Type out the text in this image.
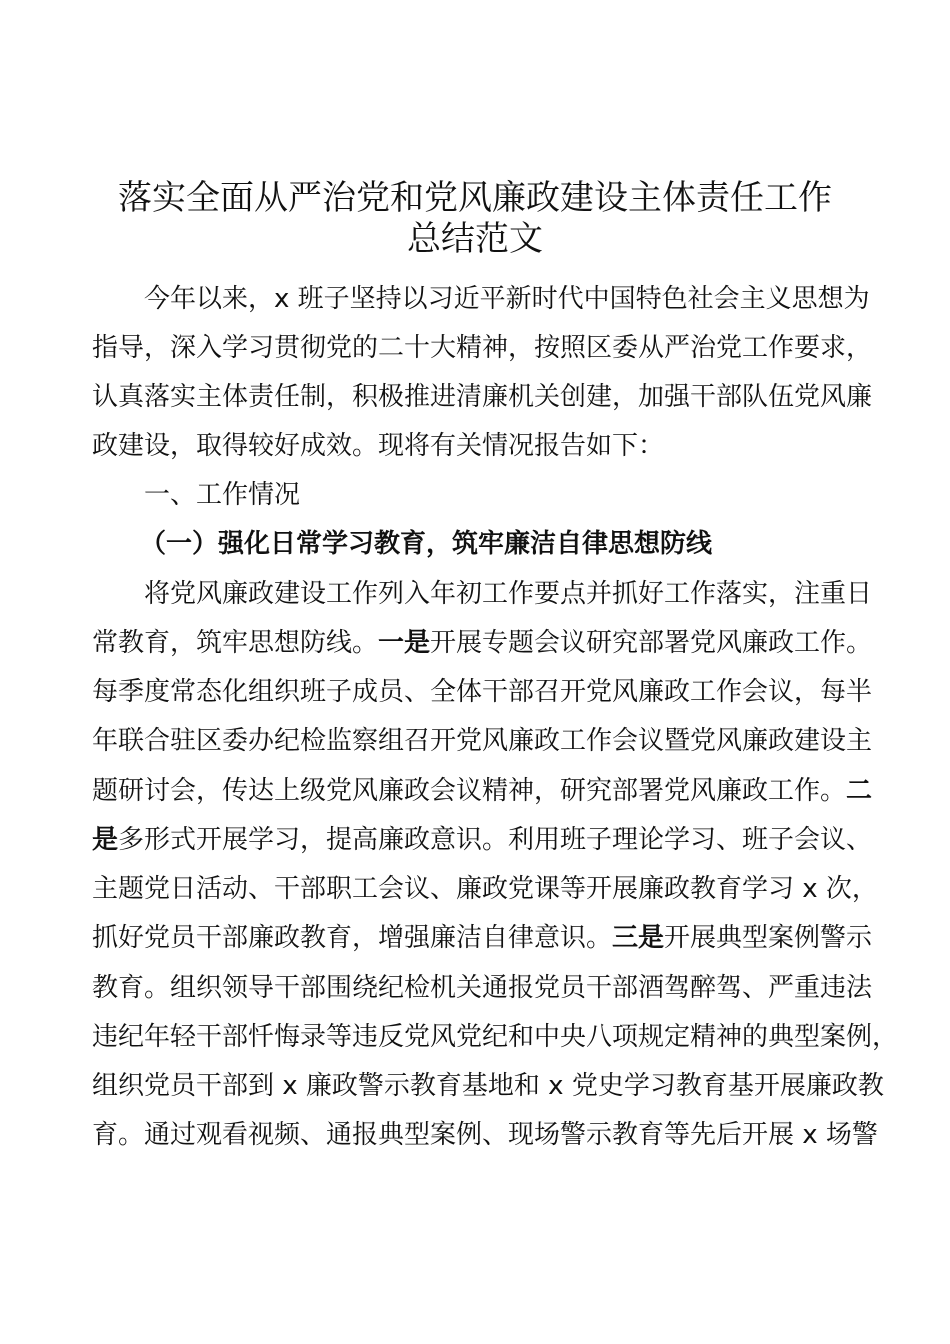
落实全面从严治党和党风廉政建设主体责任工作
总结范文
今年以来，x 班子坚持以习近平新时代中国特色社会主义思想为
指导，深入学习贯彻党的二十大精神，按照区委从严治党工作要求，
认真落实主体责任制，积极推进清廉机关创建，加强干部队伍党风廉
政建设，取得较好成效。现将有关情况报告如下：
一、工作情况
（一）强化日常学习教育，筑牢廉洁自律思想防线
将党风廉政建设工作列入年初工作要点并抓好工作落实，注重日
常教育，筑牢思想防线。一是开展专题会议研究部署党风廉政工作。
每季度常态化组织班子成员、全体干部召开党风廉政工作会议，每半
年联合驻区委办纪检监察组召开党风廉政工作会议暨党风廉政建设主
题研讨会，传达上级党风廉政会议精神，研究部署党风廉政工作。二
是多形式开展学习，提高廉政意识。利用班子理论学习、班子会议、
主题党日活动、干部职工会议、廉政党课等开展廉政教育学习 x 次，
抓好党员干部廉政教育，增强廉洁自律意识。三是开展典型案例警示
教育。组织领导干部围绕纪检机关通报党员干部酒驾醉驾、严重违法
违纪年轻干部忏悔录等违反党风党纪和中央八项规定精神的典型案例，
组织党员干部到 x 廉政警示教育基地和 x 党史学习教育基开展廉政教
育。通过观看视频、通报典型案例、现场警示教育等先后开展 x 场警
